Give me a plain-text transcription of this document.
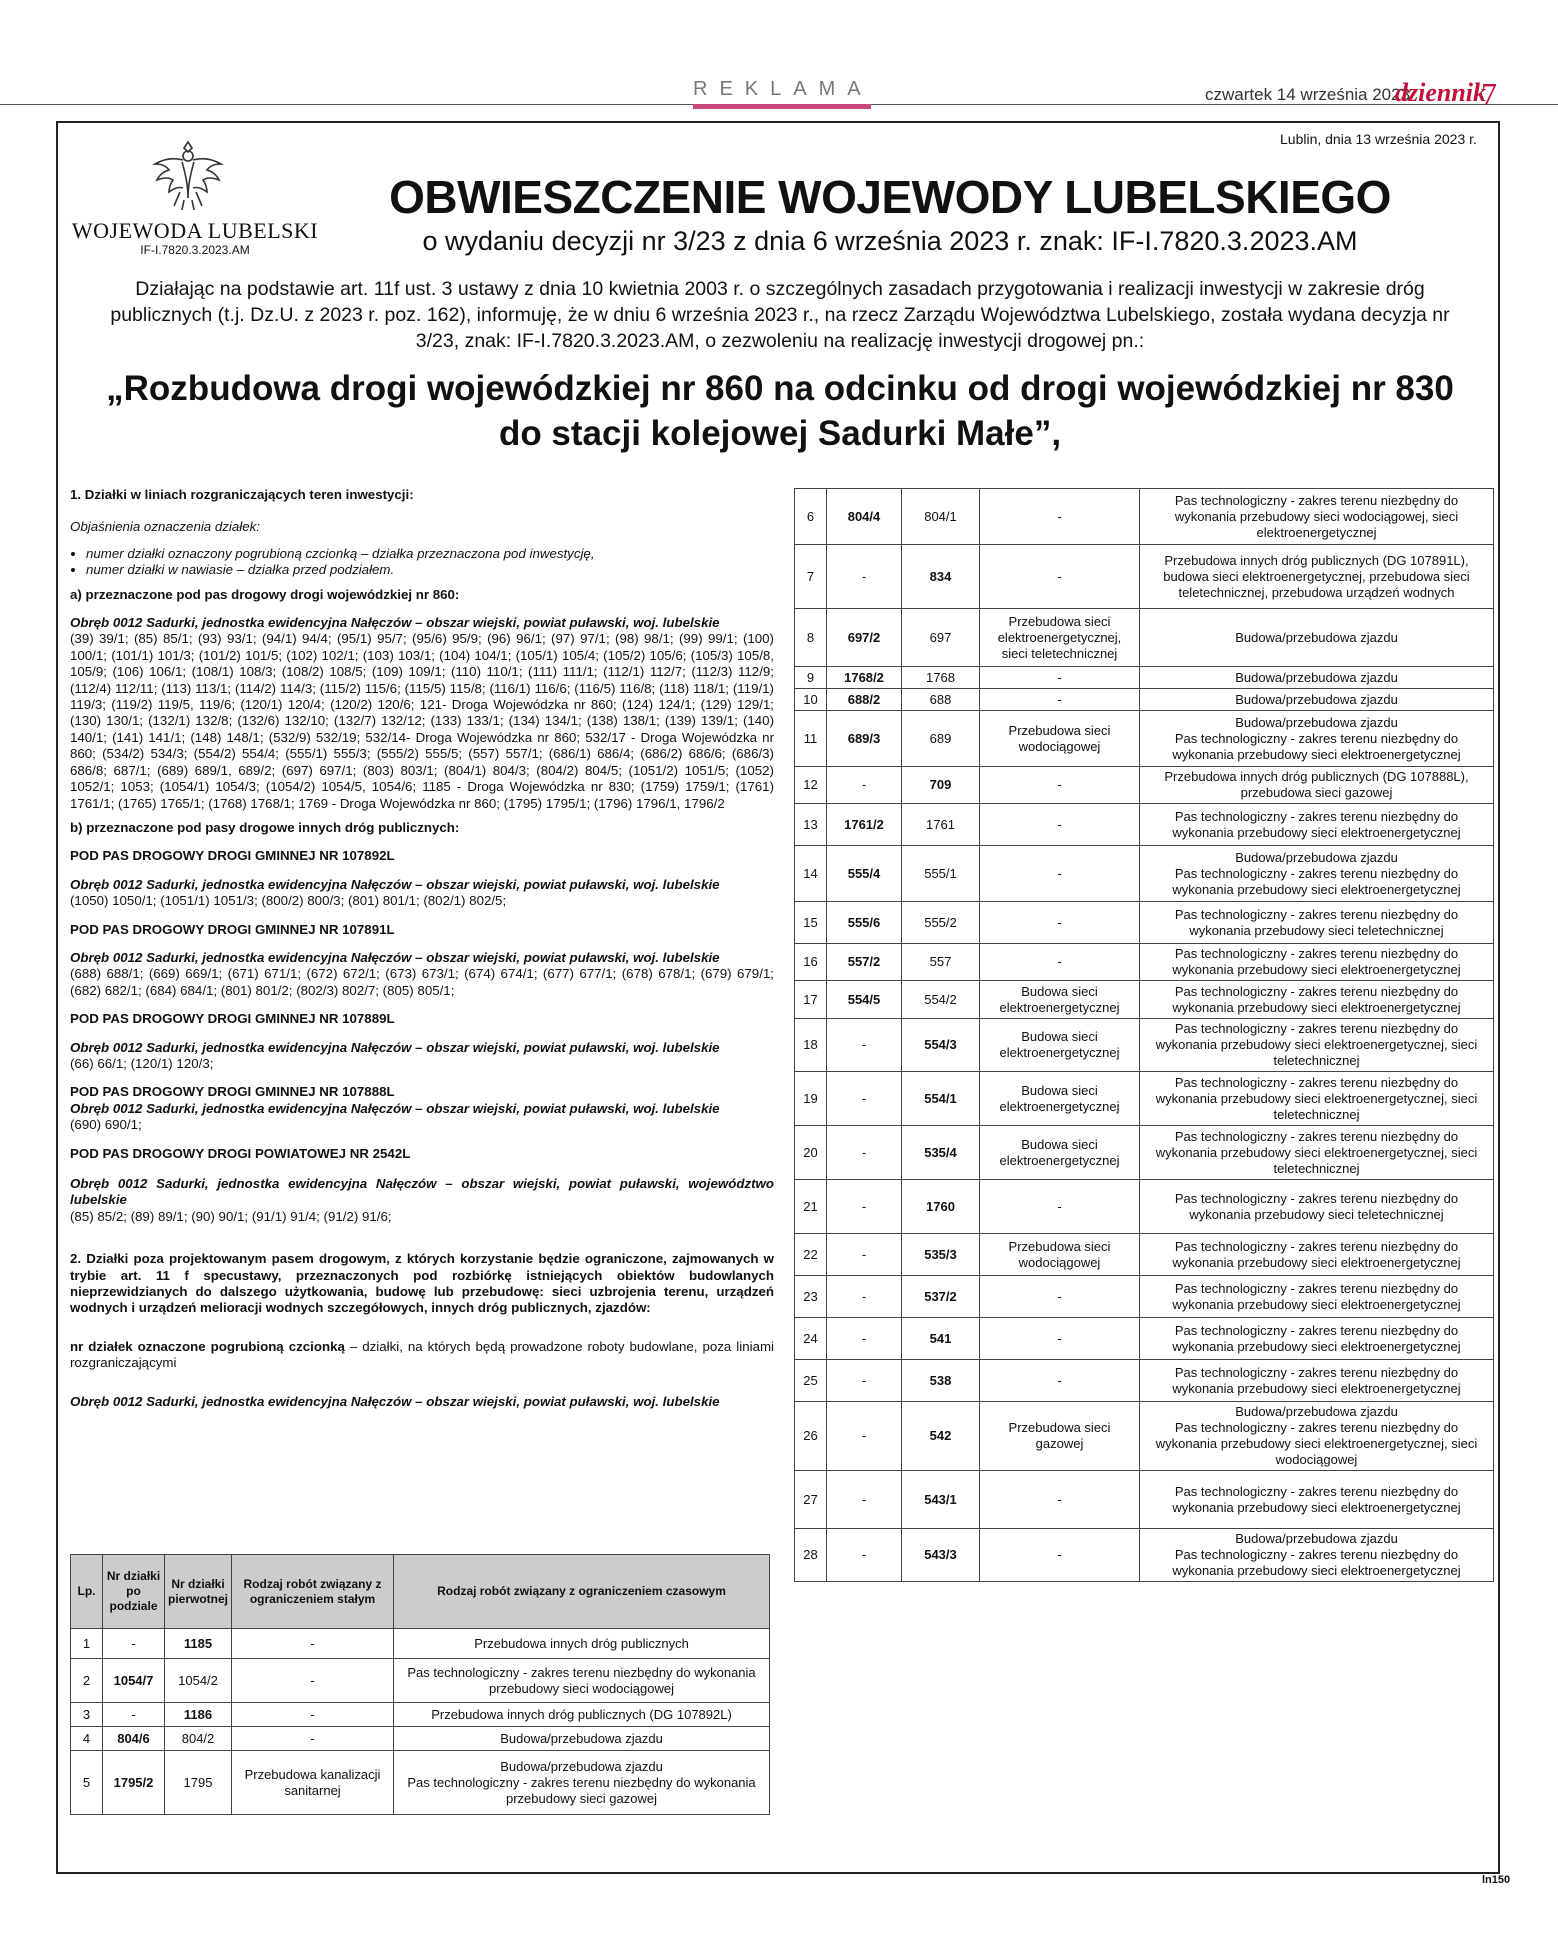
REKLAMA	czwartek 14 września 2023
dziennik
7
Lublin, dnia 13 września 2023 r.
WOJEWODA LUBELSKI
IF-I.7820.3.2023.AM
OBWIESZCZENIE WOJEWODY LUBELSKIEGO
o wydaniu decyzji nr 3/23 z dnia 6 września 2023 r. znak: IF-I.7820.3.2023.AM
Działając na podstawie art. 11f ust. 3 ustawy z dnia 10 kwietnia 2003 r. o szczególnych zasadach przygotowania i realizacji inwestycji w zakresie dróg publicznych (t.j. Dz.U. z 2023 r. poz. 162), informuję, że w dniu 6 września 2023 r., na rzecz Zarządu Województwa Lubelskiego, została wydana decyzja nr 3/23, znak: IF-I.7820.3.2023.AM, o zezwoleniu na realizację inwestycji drogowej pn.:
„Rozbudowa drogi wojewódzkiej nr 860 na odcinku od drogi wojewódzkiej nr 830 do stacji kolejowej Sadurki Małe”,

1. Działki w liniach rozgraniczających teren inwestycji:

Objaśnienia oznaczenia działek:

• numer działki oznaczony pogrubioną czcionką – działka przeznaczona pod inwestycję,
• numer działki w nawiasie – działka przed podziałem.

a) przeznaczone pod pas drogowy drogi wojewódzkiej nr 860:

Obręb 0012 Sadurki, jednostka ewidencyjna Nałęczów – obszar wiejski, powiat puławski, woj. lubelskie
(39) 39/1; (85) 85/1; (93) 93/1; (94/1) 94/4; (95/1) 95/7; (95/6) 95/9; (96) 96/1; (97) 97/1; (98) 98/1; (99) 99/1; (100) 100/1; (101/1) 101/3; (101/2) 101/5; (102) 102/1; (103) 103/1; (104) 104/1; (105/1) 105/4; (105/2) 105/6; (105/3) 105/8, 105/9; (106) 106/1; (108/1) 108/3; (108/2) 108/5; (109) 109/1; (110) 110/1; (111) 111/1; (112/1) 112/7; (112/3) 112/9; (112/4) 112/11; (113) 113/1; (114/2) 114/3; (115/2) 115/6; (115/5) 115/8; (116/1) 116/6; (116/5) 116/8; (118) 118/1; (119/1) 119/3; (119/2) 119/5, 119/6; (120/1) 120/4; (120/2) 120/6; 121- Droga Wojewódzka nr 860; (124) 124/1; (129) 129/1; (130) 130/1; (132/1) 132/8; (132/6) 132/10; (132/7) 132/12; (133) 133/1; (134) 134/1; (138) 138/1; (139) 139/1; (140) 140/1; (141) 141/1; (148) 148/1; (532/9) 532/19; 532/14- Droga Wojewódzka nr 860; 532/17 - Droga Wojewódzka nr 860; (534/2) 534/3; (554/2) 554/4; (555/1) 555/3; (555/2) 555/5; (557) 557/1; (686/1) 686/4; (686/2) 686/6; (686/3) 686/8; 687/1; (689) 689/1, 689/2; (697) 697/1; (803) 803/1; (804/1) 804/3; (804/2) 804/5; (1051/2) 1051/5; (1052) 1052/1; 1053; (1054/1) 1054/3; (1054/2) 1054/5, 1054/6; 1185 - Droga Wojewódzka nr 830; (1759) 1759/1; (1761) 1761/1; (1765) 1765/1; (1768) 1768/1; 1769 - Droga Wojewódzka nr 860; (1795) 1795/1; (1796) 1796/1, 1796/2

b) przeznaczone pod pasy drogowe innych dróg publicznych:

POD PAS DROGOWY DROGI GMINNEJ NR 107892L

Obręb 0012 Sadurki, jednostka ewidencyjna Nałęczów – obszar wiejski, powiat puławski, woj. lubelskie
(1050) 1050/1; (1051/1) 1051/3; (800/2) 800/3; (801) 801/1; (802/1) 802/5;

POD PAS DROGOWY DROGI GMINNEJ NR 107891L

Obręb 0012 Sadurki, jednostka ewidencyjna Nałęczów – obszar wiejski, powiat puławski, woj. lubelskie
(688) 688/1; (669) 669/1; (671) 671/1; (672) 672/1; (673) 673/1; (674) 674/1; (677) 677/1; (678) 678/1; (679) 679/1; (682) 682/1; (684) 684/1; (801) 801/2; (802/3) 802/7; (805) 805/1;

POD PAS DROGOWY DROGI GMINNEJ NR 107889L

Obręb 0012 Sadurki, jednostka ewidencyjna Nałęczów – obszar wiejski, powiat puławski, woj. lubelskie
(66) 66/1; (120/1) 120/3;

POD PAS DROGOWY DROGI GMINNEJ NR 107888L

Obręb 0012 Sadurki, jednostka ewidencyjna Nałęczów – obszar wiejski, powiat puławski, woj. lubelskie
(690) 690/1;

POD PAS DROGOWY DROGI POWIATOWEJ NR 2542L

Obręb 0012 Sadurki, jednostka ewidencyjna Nałęczów – obszar wiejski, powiat puławski, województwo lubelskie
(85) 85/2; (89) 89/1; (90) 90/1; (91/1) 91/4; (91/2) 91/6;

2. Działki poza projektowanym pasem drogowym, z których korzystanie będzie ograniczone, zajmowanych w trybie art. 11 f specustawy, przeznaczonych pod rozbiórkę istniejących obiektów budowlanych nieprzewidzianych do dalszego użytkowania, budowę lub przebudowę: sieci uzbrojenia terenu, urządzeń wodnych i urządzeń melioracji wodnych szczegółowych, innych dróg publicznych, zjazdów:

nr działek oznaczone pogrubioną czcionką – działki, na których będą prowadzone roboty budowlane, poza liniami rozgraniczającymi

Obręb 0012 Sadurki, jednostka ewidencyjna Nałęczów – obszar wiejski, powiat puławski, woj. lubelskie

Lp.	Nr działki po podziale	Nr działki pierwotnej	Rodzaj robót związany z ograniczeniem stałym	Rodzaj robót związany z ograniczeniem czasowym
1	-	1185	-	Przebudowa innych dróg publicznych
2	1054/7	1054/2	-	Pas technologiczny - zakres terenu niezbędny do wykonania przebudowy sieci wodociągowej
3	-	1186	-	Przebudowa innych dróg publicznych (DG 107892L)
4	804/6	804/2	-	Budowa/przebudowa zjazdu
5	1795/2	1795	Przebudowa kanalizacji sanitarnej	Budowa/przebudowa zjazdu
Pas technologiczny - zakres terenu niezbędny do wykonania
przebudowy sieci gazowej
6	804/4	804/1	-	Pas technologiczny - zakres terenu niezbędny do wykonania przebudowy sieci wodociągowej, sieci elektroenergetycznej
7	-	834	-	Przebudowa innych dróg publicznych (DG 107891L), budowa sieci elektroenergetycznej, przebudowa sieci teletechnicznej, przebudowa urządzeń wodnych
8	697/2	697	Przebudowa sieci elektroenergetycznej, sieci teletechnicznej	Budowa/przebudowa zjazdu
9	1768/2	1768	-	Budowa/przebudowa zjazdu
10	688/2	688	-	Budowa/przebudowa zjazdu
11	689/3	689	Przebudowa sieci wodociągowej	Budowa/przebudowa zjazdu
Pas technologiczny - zakres terenu niezbędny do wykonania przebudowy sieci elektroenergetycznej
12	-	709	-	Przebudowa innych dróg publicznych (DG 107888L), przebudowa sieci gazowej
13	1761/2	1761	-	Pas technologiczny - zakres terenu niezbędny do wykonania przebudowy sieci elektroenergetycznej
14	555/4	555/1	-	Budowa/przebudowa zjazdu
Pas technologiczny - zakres terenu niezbędny do wykonania przebudowy sieci elektroenergetycznej
15	555/6	555/2	-	Pas technologiczny - zakres terenu niezbędny do wykonania przebudowy sieci teletechnicznej
16	557/2	557	-	Pas technologiczny - zakres terenu niezbędny do wykonania przebudowy sieci elektroenergetycznej
17	554/5	554/2	Budowa sieci elektroenergetycznej	Pas technologiczny - zakres terenu niezbędny do wykonania przebudowy sieci elektroenergetycznej
18	-	554/3	Budowa sieci elektroenergetycznej	Pas technologiczny - zakres terenu niezbędny do wykonania przebudowy sieci elektroenergetycznej, sieci teletechnicznej
19	-	554/1	Budowa sieci elektroenergetycznej	Pas technologiczny - zakres terenu niezbędny do wykonania przebudowy sieci elektroenergetycznej, sieci teletechnicznej
20	-	535/4	Budowa sieci elektroenergetycznej	Pas technologiczny - zakres terenu niezbędny do wykonania przebudowy sieci elektroenergetycznej, sieci teletechnicznej
21	-	1760	-	Pas technologiczny - zakres terenu niezbędny do wykonania przebudowy sieci teletechnicznej
22	-	535/3	Przebudowa sieci wodociągowej	Pas technologiczny - zakres terenu niezbędny do wykonania przebudowy sieci elektroenergetycznej
23	-	537/2	-	Pas technologiczny - zakres terenu niezbędny do wykonania przebudowy sieci elektroenergetycznej
24	-	541	-	Pas technologiczny - zakres terenu niezbędny do wykonania przebudowy sieci elektroenergetycznej
25	-	538	-	Pas technologiczny - zakres terenu niezbędny do wykonania przebudowy sieci elektroenergetycznej
26	-	542	Przebudowa sieci gazowej	Budowa/przebudowa zjazdu
Pas technologiczny - zakres terenu niezbędny do wykonania przebudowy sieci elektroenergetycznej, sieci wodociągowej
27	-	543/1	-	Pas technologiczny - zakres terenu niezbędny do wykonania przebudowy sieci elektroenergetycznej
28	-	543/3	-	Budowa/przebudowa zjazdu
Pas technologiczny - zakres terenu niezbędny do wykonania przebudowy sieci elektroenergetycznej
ln150
